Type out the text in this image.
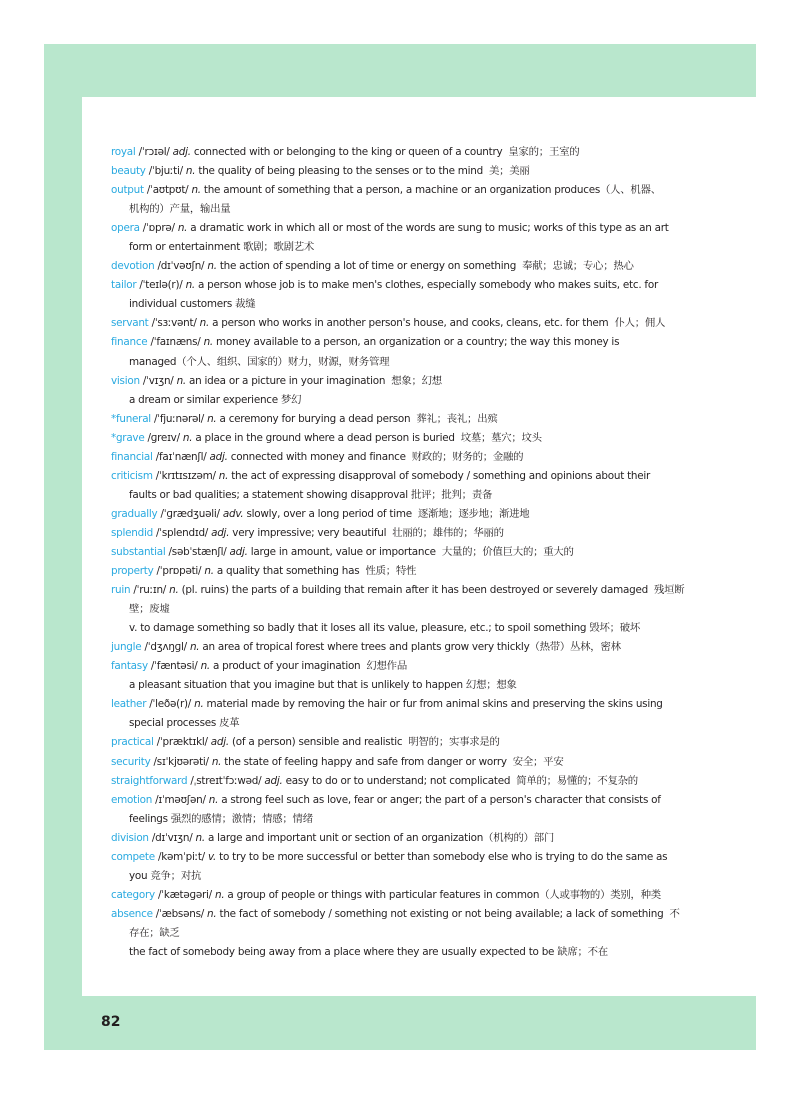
royal /ˈrɔɪəl/ adj. connected with or belonging to the king or queen of a country 皇家的；王室的
beauty /ˈbjuːti/ n. the quality of being pleasing to the senses or to the mind 美；美丽
output /ˈaʊtpʊt/ n. the amount of something that a person, a machine or an organization produces（人、机器、
机构的）产量，输出量
opera /ˈɒprə/ n. a dramatic work in which all or most of the words are sung to music; works of this type as an art
form or entertainment 歌剧；歌剧艺术
devotion /dɪˈvəʊʃn/ n. the action of spending a lot of time or energy on something 奉献；忠诚；专心；热心
tailor /ˈteɪlə(r)/ n. a person whose job is to make men's clothes, especially somebody who makes suits, etc. for
individual customers 裁缝
servant /ˈsɜːvənt/ n. a person who works in another person's house, and cooks, cleans, etc. for them 仆人；佣人
finance /ˈfaɪnæns/ n. money available to a person, an organization or a country; the way this money is
managed（个人、组织、国家的）财力，财源，财务管理
vision /ˈvɪʒn/ n. an idea or a picture in your imagination 想象；幻想
a dream or similar experience 梦幻
*funeral /ˈfjuːnərəl/ n. a ceremony for burying a dead person 葬礼；丧礼；出殡
*grave /ɡreɪv/ n. a place in the ground where a dead person is buried 坟墓；墓穴；坟头
financial /faɪˈnænʃl/ adj. connected with money and finance 财政的；财务的；金融的
criticism /ˈkrɪtɪsɪzəm/ n. the act of expressing disapproval of somebody / something and opinions about their
faults or bad qualities; a statement showing disapproval 批评；批判；责备
gradually /ˈɡrædʒuəli/ adv. slowly, over a long period of time 逐渐地；逐步地；渐进地
splendid /ˈsplendɪd/ adj. very impressive; very beautiful 壮丽的；雄伟的；华丽的
substantial /səbˈstænʃl/ adj. large in amount, value or importance 大量的；价值巨大的；重大的
property /ˈprɒpəti/ n. a quality that something has 性质；特性
ruin /ˈruːɪn/ n. (pl. ruins) the parts of a building that remain after it has been destroyed or severely damaged 残垣断
壁；废墟
v. to damage something so badly that it loses all its value, pleasure, etc.; to spoil something 毁坏；破坏
jungle /ˈdʒʌŋɡl/ n. an area of tropical forest where trees and plants grow very thickly（热带）丛林，密林
fantasy /ˈfæntəsi/ n. a product of your imagination 幻想作品
a pleasant situation that you imagine but that is unlikely to happen 幻想；想象
leather /ˈleðə(r)/ n. material made by removing the hair or fur from animal skins and preserving the skins using
special processes 皮革
practical /ˈpræktɪkl/ adj. (of a person) sensible and realistic 明智的；实事求是的
security /sɪˈkjʊərəti/ n. the state of feeling happy and safe from danger or worry 安全；平安
straightforward /ˌstreɪtˈfɔːwəd/ adj. easy to do or to understand; not complicated 简单的；易懂的；不复杂的
emotion /ɪˈməʊʃən/ n. a strong feel such as love, fear or anger; the part of a person's character that consists of
feelings 强烈的感情；激情；情感；情绪
division /dɪˈvɪʒn/ n. a large and important unit or section of an organization（机构的）部门
compete /kəmˈpiːt/ v. to try to be more successful or better than somebody else who is trying to do the same as
you 竞争；对抗
category /ˈkætəɡəri/ n. a group of people or things with particular features in common（人或事物的）类别，种类
absence /ˈæbsəns/ n. the fact of somebody / something not existing or not being available; a lack of something 不
存在；缺乏
the fact of somebody being away from a place where they are usually expected to be 缺席；不在
82
